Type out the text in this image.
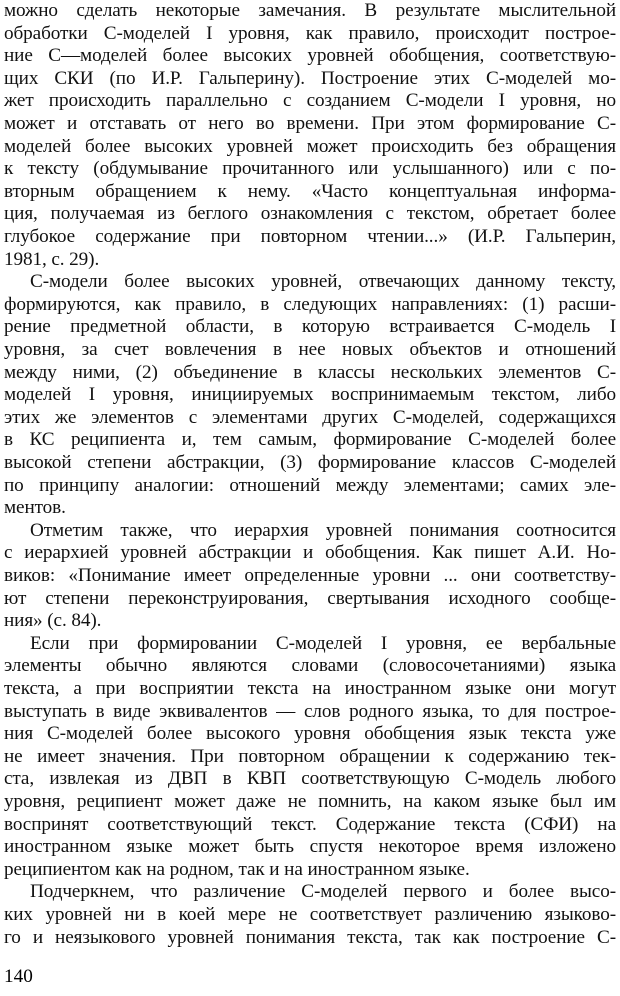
можно сделать некоторые замечания. В результате мыслительной
обработки С-моделей I уровня, как правило, происходит построе-
ние С—моделей более высоких уровней обобщения, соответствую-
щих СКИ (по И.Р. Гальперину). Построение этих С-моделей мо-
жет происходить параллельно с созданием С-модели I уровня, но
может и отставать от него во времени. При этом формирование С-
моделей более высоких уровней может происходить без обращения
к тексту (обдумывание прочитанного или услышанного) или с по-
вторным обращением к нему. «Часто концептуальная информа-
ция, получаемая из беглого ознакомления с текстом, обретает более
глубокое содержание при повторном чтении...» (И.Р. Гальперин,
1981, с. 29).
С-модели более высоких уровней, отвечающих данному тексту,
формируются, как правило, в следующих направлениях: (1) расши-
рение предметной области, в которую встраивается С-модель I
уровня, за счет вовлечения в нее новых объектов и отношений
между ними, (2) объединение в классы нескольких элементов С-
моделей I уровня, инициируемых воспринимаемым текстом, либо
этих же элементов с элементами других С-моделей, содержащихся
в КС реципиента и, тем самым, формирование С-моделей более
высокой степени абстракции, (3) формирование классов С-моделей
по принципу аналогии: отношений между элементами; самих эле-
ментов.
Отметим также, что иерархия уровней понимания соотносится
с иерархией уровней абстракции и обобщения. Как пишет А.И. Но-
виков: «Понимание имеет определенные уровни ... они соответству-
ют степени переконструирования, свертывания исходного сообще-
ния» (с. 84).
Если при формировании С-моделей I уровня, ее вербальные
элементы обычно являются словами (словосочетаниями) языка
текста, а при восприятии текста на иностранном языке они могут
выступать в виде эквивалентов — слов родного языка, то для построе-
ния С-моделей более высокого уровня обобщения язык текста уже
не имеет значения. При повторном обращении к содержанию тек-
ста, извлекая из ДВП в КВП соответствующую С-модель любого
уровня, реципиент может даже не помнить, на каком языке был им
воспринят соответствующий текст. Содержание текста (СФИ) на
иностранном языке может быть спустя некоторое время изложено
реципиентом как на родном, так и на иностранном языке.
Подчеркнем, что различение С-моделей первого и более высо-
ких уровней ни в коей мере не соответствует различению языково-
го и неязыкового уровней понимания текста, так как построение С-
140
